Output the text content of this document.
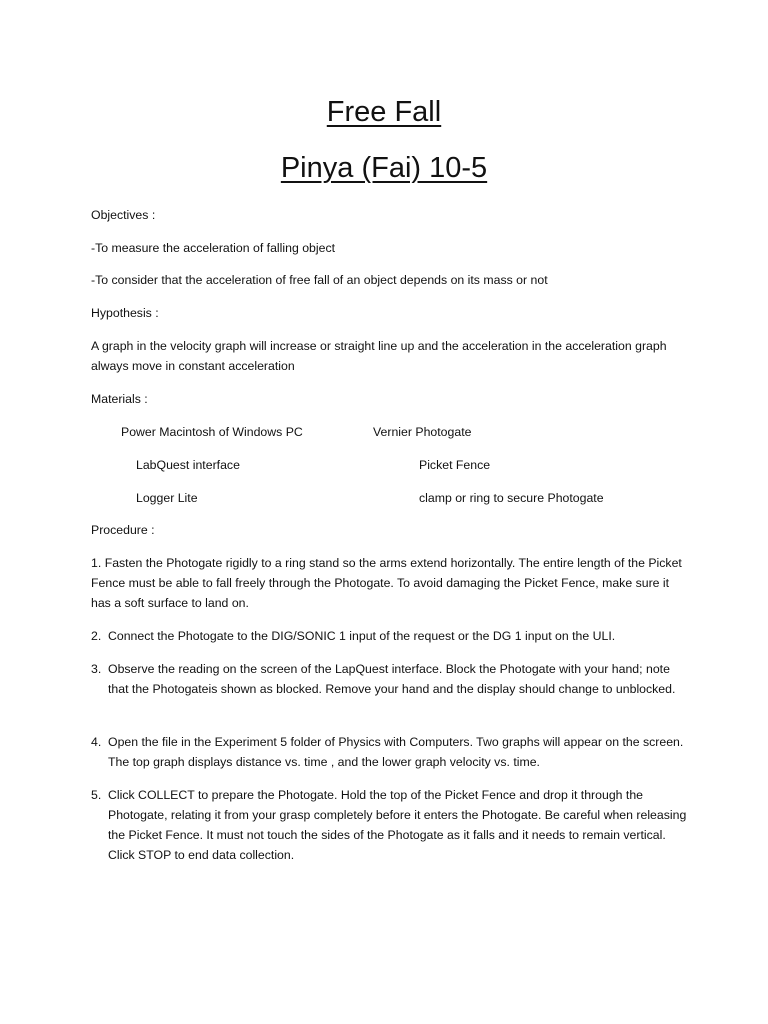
Free Fall
Pinya (Fai) 10-5

Objectives :

-To measure the acceleration of falling object

-To consider that the acceleration of free fall of an object depends on its mass or not

Hypothesis :

A graph in the velocity graph will increase or straight line up and the acceleration in the acceleration graph always move in constant acceleration

Materials :

Power Macintosh of Windows PC	Vernier Photogate
LabQuest interface	Picket Fence
Logger Lite	clamp or ring to secure Photogate

Procedure :

1. Fasten the Photogate rigidly to a ring stand so the arms extend horizontally. The entire length of the Picket Fence must be able to fall freely through the Photogate. To avoid damaging the Picket Fence, make sure it has a soft surface to land on.
2. Connect the Photogate to the DIG/SONIC 1 input of the request or the DG 1 input on the ULI.
3. Observe the reading on the screen of the LapQuest interface. Block the Photogate with your hand; note that the Photogateis shown as blocked. Remove your hand and the display should change to unblocked.
4. Open the file in the Experiment 5 folder of Physics with Computers. Two graphs will appear on the screen. The top graph displays distance vs. time , and the lower graph velocity vs. time.
5. Click COLLECT to prepare the Photogate. Hold the top of the Picket Fence and drop it through the Photogate, relating it from your grasp completely before it enters the Photogate. Be careful when releasing the Picket Fence. It must not touch the sides of the Photogate as it falls and it needs to remain vertical. Click STOP to end data collection.
